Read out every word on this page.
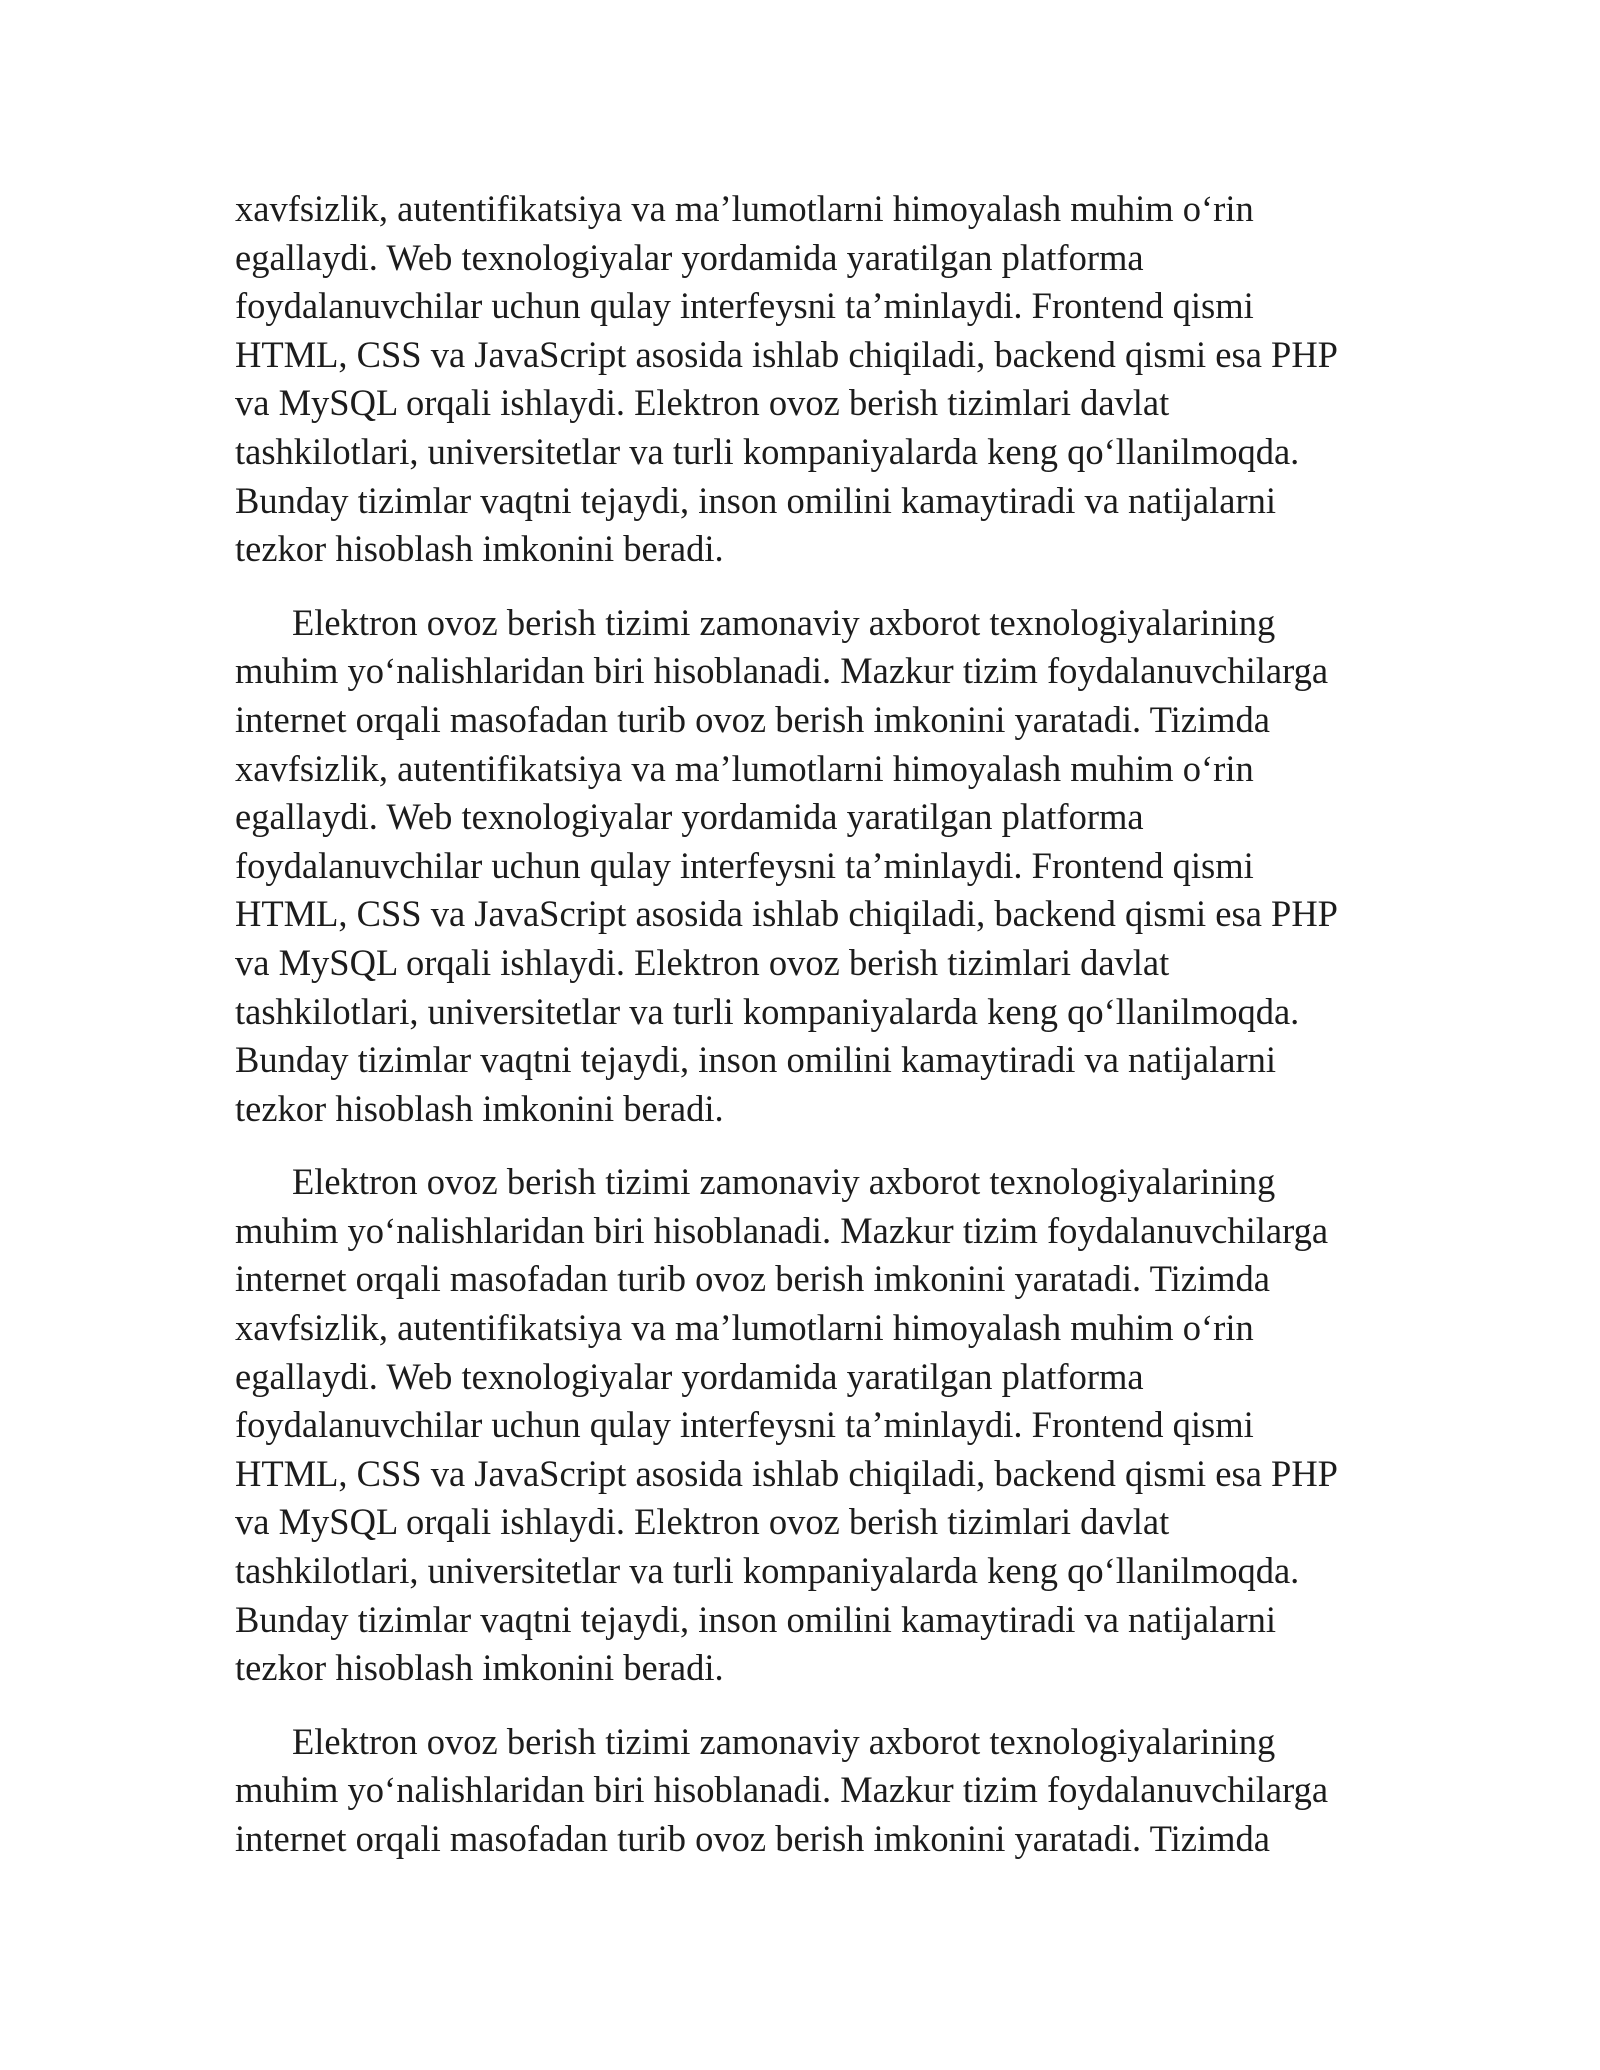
xavfsizlik, autentifikatsiya va ma’lumotlarni himoyalash muhim o‘rin
egallaydi. Web texnologiyalar yordamida yaratilgan platforma
foydalanuvchilar uchun qulay interfeysni ta’minlaydi. Frontend qismi
HTML, CSS va JavaScript asosida ishlab chiqiladi, backend qismi esa PHP
va MySQL orqali ishlaydi. Elektron ovoz berish tizimlari davlat
tashkilotlari, universitetlar va turli kompaniyalarda keng qo‘llanilmoqda.
Bunday tizimlar vaqtni tejaydi, inson omilini kamaytiradi va natijalarni
tezkor hisoblash imkonini beradi.

Elektron ovoz berish tizimi zamonaviy axborot texnologiyalarining
muhim yo‘nalishlaridan biri hisoblanadi. Mazkur tizim foydalanuvchilarga
internet orqali masofadan turib ovoz berish imkonini yaratadi. Tizimda
xavfsizlik, autentifikatsiya va ma’lumotlarni himoyalash muhim o‘rin
egallaydi. Web texnologiyalar yordamida yaratilgan platforma
foydalanuvchilar uchun qulay interfeysni ta’minlaydi. Frontend qismi
HTML, CSS va JavaScript asosida ishlab chiqiladi, backend qismi esa PHP
va MySQL orqali ishlaydi. Elektron ovoz berish tizimlari davlat
tashkilotlari, universitetlar va turli kompaniyalarda keng qo‘llanilmoqda.
Bunday tizimlar vaqtni tejaydi, inson omilini kamaytiradi va natijalarni
tezkor hisoblash imkonini beradi.

Elektron ovoz berish tizimi zamonaviy axborot texnologiyalarining
muhim yo‘nalishlaridan biri hisoblanadi. Mazkur tizim foydalanuvchilarga
internet orqali masofadan turib ovoz berish imkonini yaratadi. Tizimda
xavfsizlik, autentifikatsiya va ma’lumotlarni himoyalash muhim o‘rin
egallaydi. Web texnologiyalar yordamida yaratilgan platforma
foydalanuvchilar uchun qulay interfeysni ta’minlaydi. Frontend qismi
HTML, CSS va JavaScript asosida ishlab chiqiladi, backend qismi esa PHP
va MySQL orqali ishlaydi. Elektron ovoz berish tizimlari davlat
tashkilotlari, universitetlar va turli kompaniyalarda keng qo‘llanilmoqda.
Bunday tizimlar vaqtni tejaydi, inson omilini kamaytiradi va natijalarni
tezkor hisoblash imkonini beradi.

Elektron ovoz berish tizimi zamonaviy axborot texnologiyalarining
muhim yo‘nalishlaridan biri hisoblanadi. Mazkur tizim foydalanuvchilarga
internet orqali masofadan turib ovoz berish imkonini yaratadi. Tizimda
